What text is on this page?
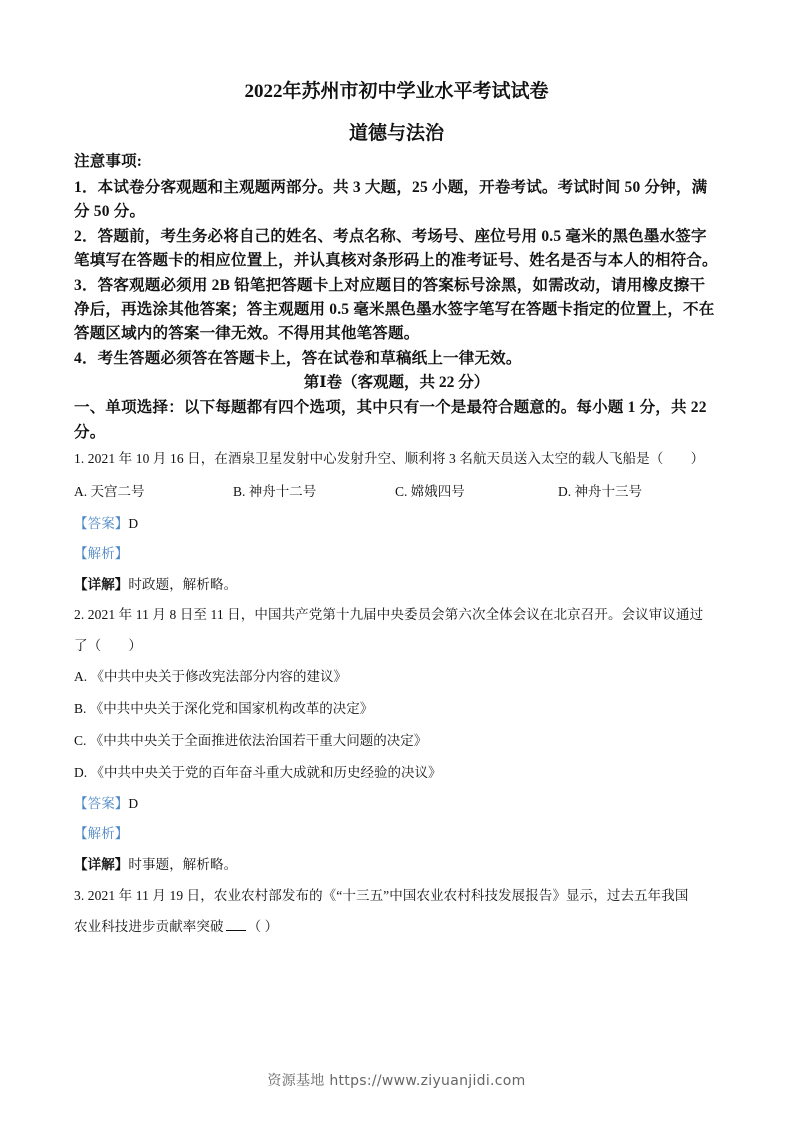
2022年苏州市初中学业水平考试试卷
道德与法治
注意事项:
1．本试卷分客观题和主观题两部分。共 3 大题，25 小题，开卷考试。考试时间 50 分钟，满
分 50 分。
2．答题前，考生务必将自己的姓名、考点名称、考场号、座位号用 0.5 毫米的黑色墨水签字
笔填写在答题卡的相应位置上，并认真核对条形码上的准考证号、姓名是否与本人的相符合。
3．答客观题必须用 2B 铅笔把答题卡上对应题目的答案标号涂黑，如需改动，请用橡皮擦干
净后，再选涂其他答案；答主观题用 0.5 毫米黑色墨水签字笔写在答题卡指定的位置上，不在
答题区域内的答案一律无效。不得用其他笔答题。
4．考生答题必须答在答题卡上，答在试卷和草稿纸上一律无效。
第Ⅰ卷（客观题，共 22 分）
一、单项选择：以下每题都有四个选项，其中只有一个是最符合题意的。每小题 1 分，共 22
分。
1. 2021 年 10 月 16 日，在酒泉卫星发射中心发射升空、顺利将 3 名航天员送入太空的载人飞船是（　　）
A. 天宫二号	B. 神舟十二号	C. 嫦娥四号	D. 神舟十三号
【答案】D
【解析】
【详解】时政题，解析略。
2. 2021 年 11 月 8 日至 11 日，中国共产党第十九届中央委员会第六次全体会议在北京召开。会议审议通过
了（　　）
A. 《中共中央关于修改宪法部分内容的建议》
B. 《中共中央关于深化党和国家机构改革的决定》
C. 《中共中央关于全面推进依法治国若干重大问题的决定》
D. 《中共中央关于党的百年奋斗重大成就和历史经验的决议》
【答案】D
【解析】
【详解】时事题，解析略。
3. 2021 年 11 月 19 日，农业农村部发布的《“十三五”中国农业农村科技发展报告》显示，过去五年我国
农业科技进步贡献率突破 （ ）
资源基地 https://www.ziyuanjidi.com
